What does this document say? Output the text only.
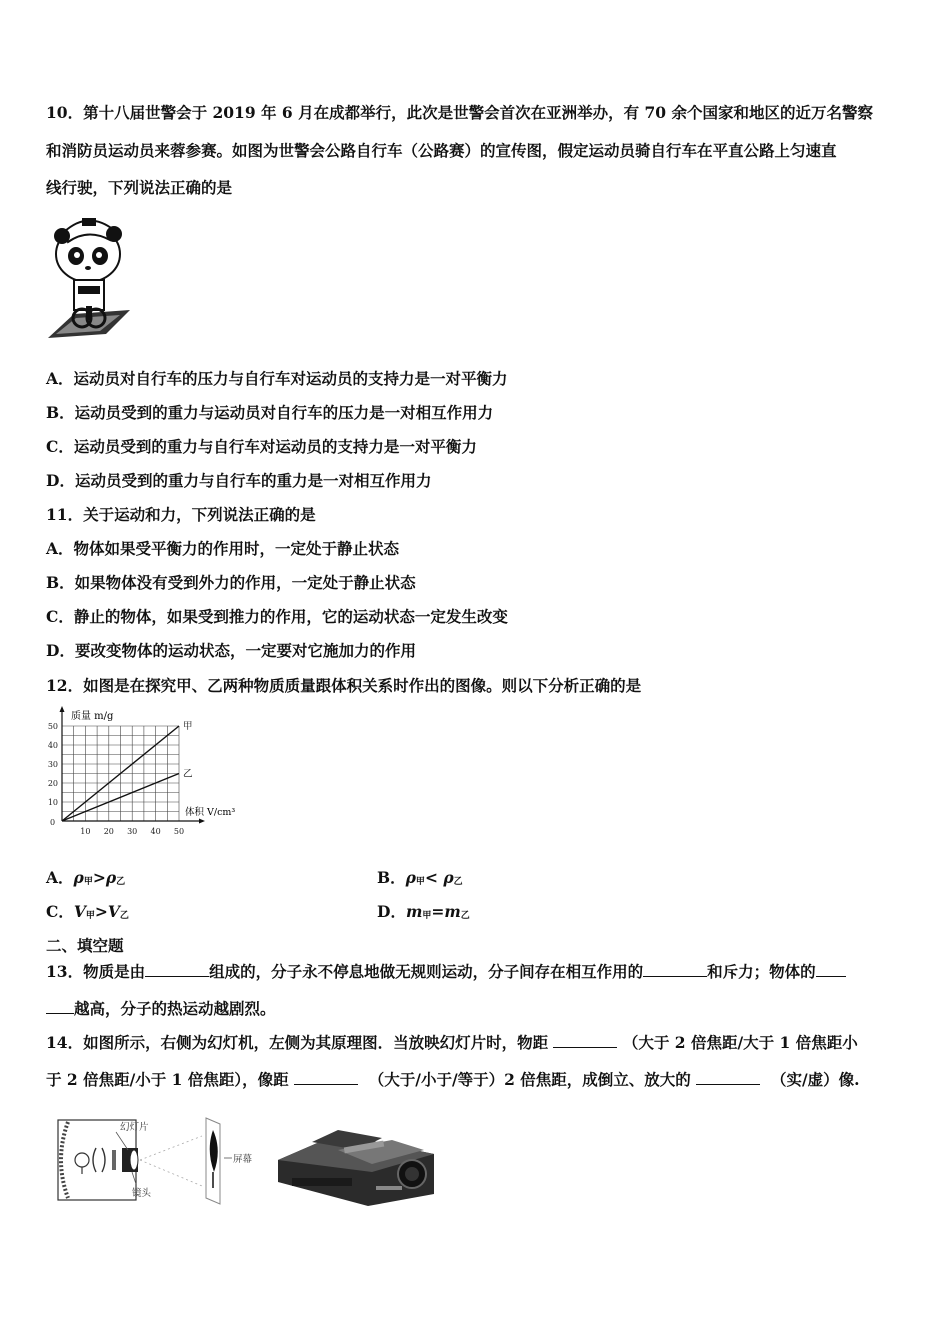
10．第十八届世警会于 2019 年 6 月在成都举行，此次是世警会首次在亚洲举办，有 70 余个国家和地区的近万名警察
和消防员运动员来蓉参赛。如图为世警会公路自行车（公路赛）的宣传图，假定运动员骑自行车在平直公路上匀速直
线行驶，下列说法正确的是
A．运动员对自行车的压力与自行车对运动员的支持力是一对平衡力
B．运动员受到的重力与运动员对自行车的压力是一对相互作用力
C．运动员受到的重力与自行车对运动员的支持力是一对平衡力
D．运动员受到的重力与自行车的重力是一对相互作用力
11．关于运动和力，下列说法正确的是
A．物体如果受平衡力的作用时，一定处于静止状态
B．如果物体没有受到外力的作用，一定处于静止状态
C．静止的物体，如果受到推力的作用，它的运动状态一定发生改变
D．要改变物体的运动状态，一定要对它施加力的作用
12．如图是在探究甲、乙两种物质质量跟体积关系时作出的图像。则以下分析正确的是
质量 m/g
体积 V/cm³
0
10 20 30 40 50
10
20
30
40
50	甲
乙
A．$\rho_甲>\rho_乙$	B．$\rho_甲< \rho_乙$
C．$V_甲>V_乙$	D．$m_甲=m_乙$
二、填空题
13．物质是由	组成的，分子永不停息地做无规则运动，分子间存在相互作用的	和斥力；物体的
越高，分子的热运动越剧烈。
14．如图所示，右侧为幻灯机，左侧为其原理图．当放映幻灯片时，物距	（大于 2 倍焦距/大于 1 倍焦距小
于 2 倍焦距/小于 1 倍焦距），像距	（大于/小于/等于）2 倍焦距，成倒立、放大的	（实/虚）像.
幻灯片
镜头
屏幕
